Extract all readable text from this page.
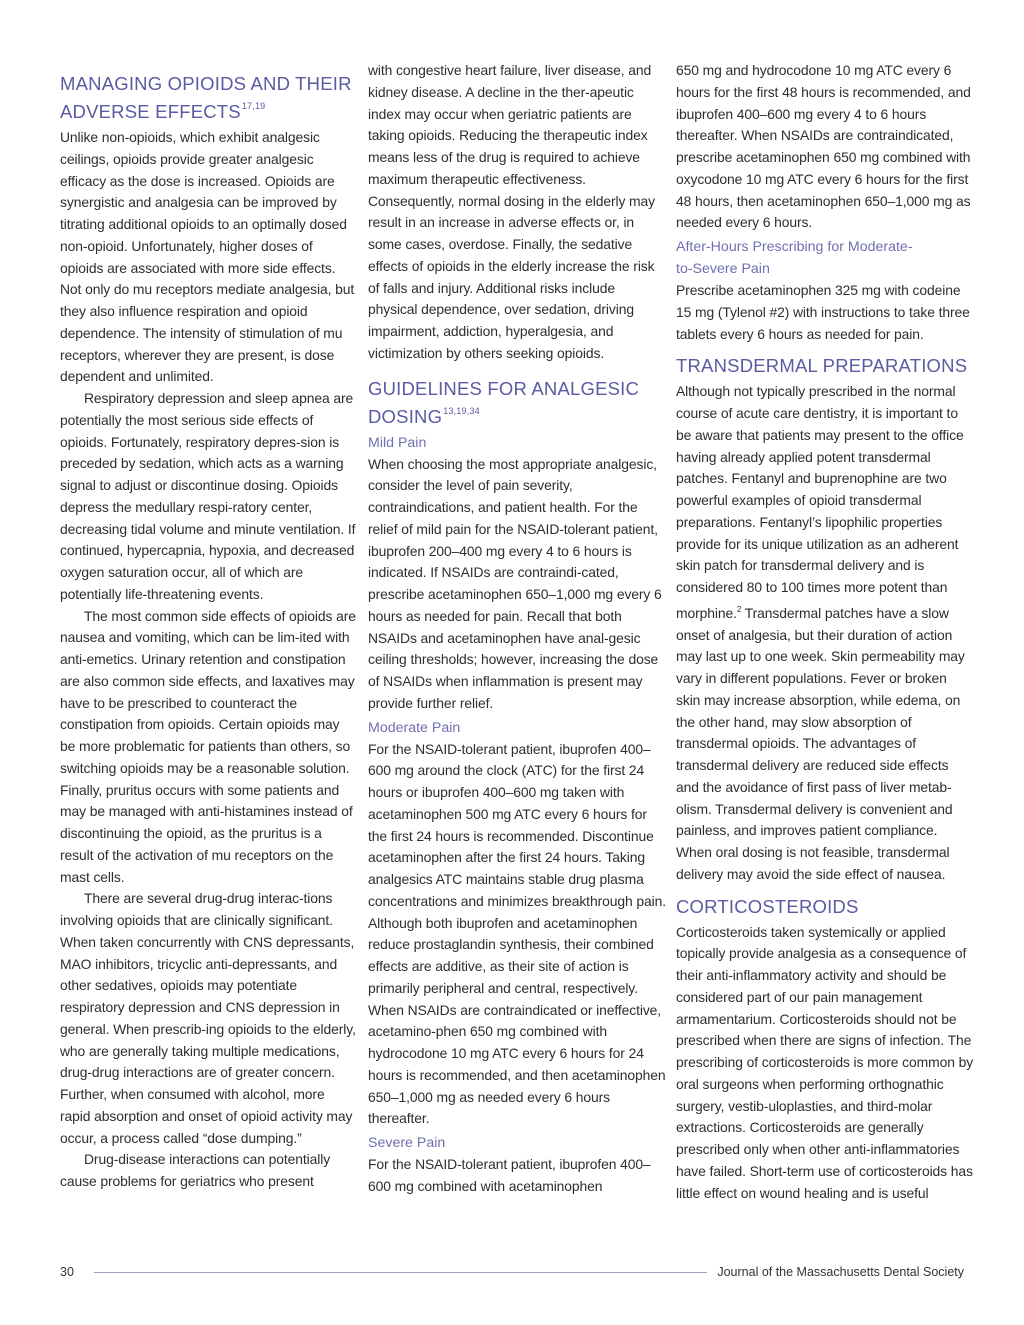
MANAGING OPIOIDS AND THEIR
ADVERSE EFFECTS$^{17,19}$

Unlike non-opioids, which exhibit analgesic ceilings, opioids provide greater analgesic efficacy as the dose is increased. Opioids are synergistic and analgesia can be improved by titrating additional opioids to an optimally dosed non-opioid. Unfortunately, higher doses of opioids are associated with more side effects. Not only do mu receptors mediate analgesia, but they also influence respiration and opioid dependence. The intensity of stimulation of mu receptors, wherever they are present, is dose dependent and unlimited.

Respiratory depression and sleep apnea are potentially the most serious side effects of opioids. Fortunately, respiratory depres-sion is preceded by sedation, which acts as a warning signal to adjust or discontinue dosing. Opioids depress the medullary respi-ratory center, decreasing tidal volume and minute ventilation. If continued, hypercapnia, hypoxia, and decreased oxygen saturation occur, all of which are potentially life-threatening events.

The most common side effects of opioids are nausea and vomiting, which can be lim-ited with anti-emetics. Urinary retention and constipation are also common side effects, and laxatives may have to be prescribed to counteract the constipation from opioids. Certain opioids may be more problematic for patients than others, so switching opioids may be a reasonable solution. Finally, pruritus occurs with some patients and may be managed with anti-histamines instead of discontinuing the opioid, as the pruritus is a result of the activation of mu receptors on the mast cells.

There are several drug-drug interac-tions involving opioids that are clinically significant. When taken concurrently with CNS depressants, MAO inhibitors, tricyclic anti-depressants, and other sedatives, opioids may potentiate respiratory depression and CNS depression in general. When prescrib-ing opioids to the elderly, who are generally taking multiple medications, drug-drug interactions are of greater concern. Further, when consumed with alcohol, more rapid absorption and onset of opioid activity may occur, a process called “dose dumping.”

Drug-disease interactions can potentially cause problems for geriatrics who present

with congestive heart failure, liver disease, and kidney disease. A decline in the ther-apeutic index may occur when geriatric patients are taking opioids. Reducing the therapeutic index means less of the drug is required to achieve maximum therapeutic effectiveness. Consequently, normal dosing in the elderly may result in an increase in adverse effects or, in some cases, overdose. Finally, the sedative effects of opioids in the elderly increase the risk of falls and injury. Additional risks include physical dependence, over sedation, driving impairment, addiction, hyperalgesia, and victimization by others seeking opioids.

GUIDELINES FOR ANALGESIC
DOSING$^{13,19,34}$
Mild Pain

When choosing the most appropriate analgesic, consider the level of pain severity, contraindications, and patient health. For the relief of mild pain for the NSAID-tolerant patient, ibuprofen 200–400 mg every 4 to 6 hours is indicated. If NSAIDs are contraindi-cated, prescribe acetaminophen 650–1,000 mg every 6 hours as needed for pain. Recall that both NSAIDs and acetaminophen have anal-gesic ceiling thresholds; however, increasing the dose of NSAIDs when inflammation is present may provide further relief.

Moderate Pain

For the NSAID-tolerant patient, ibuprofen 400–600 mg around the clock (ATC) for the first 24 hours or ibuprofen 400–600 mg taken with acetaminophen 500 mg ATC every 6 hours for the first 24 hours is recommended. Discontinue acetaminophen after the first 24 hours. Taking analgesics ATC maintains stable drug plasma concentrations and minimizes breakthrough pain. Although both ibuprofen and acetaminophen reduce prostaglandin synthesis, their combined effects are additive, as their site of action is primarily peripheral and central, respectively. When NSAIDs are contraindicated or ineffective, acetamino-phen 650 mg combined with hydrocodone 10 mg ATC every 6 hours for 24 hours is recommended, and then acetaminophen 650–1,000 mg as needed every 6 hours thereafter.

Severe Pain

For the NSAID-tolerant patient, ibuprofen 400–600 mg combined with acetaminophen

650 mg and hydrocodone 10 mg ATC every 6 hours for the first 48 hours is recommended, and ibuprofen 400–600 mg every 4 to 6 hours thereafter. When NSAIDs are contraindicated, prescribe acetaminophen 650 mg combined with oxycodone 10 mg ATC every 6 hours for the first 48 hours, then acetaminophen 650–1,000 mg as needed every 6 hours.

After-Hours Prescribing for Moderate-
to-Severe Pain

Prescribe acetaminophen 325 mg with codeine 15 mg (Tylenol #2) with instructions to take three tablets every 6 hours as needed for pain.

TRANSDERMAL PREPARATIONS

Although not typically prescribed in the normal course of acute care dentistry, it is important to be aware that patients may present to the office having already applied potent transdermal patches. Fentanyl and buprenophine are two powerful examples of opioid transdermal preparations. Fentanyl’s lipophilic properties provide for its unique utilization as an adherent skin patch for transdermal delivery and is considered 80 to 100 times more potent than morphine.$^2$ Transdermal patches have a slow onset of analgesia, but their duration of action may last up to one week. Skin permeability may vary in different populations. Fever or broken skin may increase absorption, while edema, on the other hand, may slow absorption of transdermal opioids. The advantages of transdermal delivery are reduced side effects and the avoidance of first pass of liver metab-olism. Transdermal delivery is convenient and painless, and improves patient compliance. When oral dosing is not feasible, transdermal delivery may avoid the side effect of nausea.

CORTICOSTEROIDS

Corticosteroids taken systemically or applied topically provide analgesia as a consequence of their anti-inflammatory activity and should be considered part of our pain management armamentarium. Corticosteroids should not be prescribed when there are signs of infection. The prescribing of corticosteroids is more common by oral surgeons when performing orthognathic surgery, vestib-uloplasties, and third-molar extractions. Corticosteroids are generally prescribed only when other anti-inflammatories have failed. Short-term use of corticosteroids has little effect on wound healing and is useful

30	Journal of the Massachusetts Dental Society
